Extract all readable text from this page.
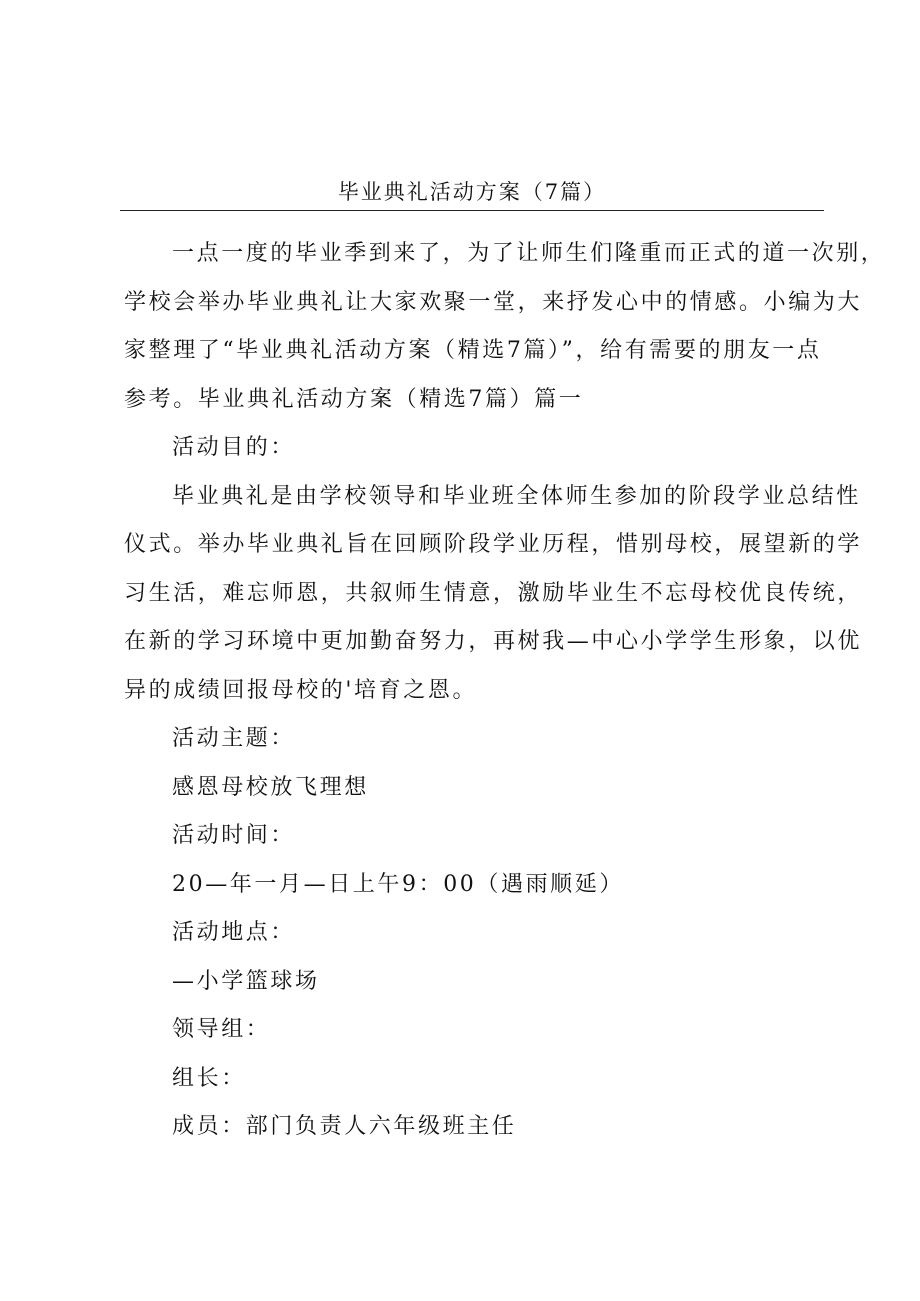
毕业典礼活动方案（7篇）

一点一度的毕业季到来了，为了让师生们隆重而正式的道一次别，

学校会举办毕业典礼让大家欢聚一堂，来抒发心中的情感。小编为大

家整理了“毕业典礼活动方案（精选7篇）”，给有需要的朋友一点

参考。毕业典礼活动方案（精选7篇）篇一

活动目的：

毕业典礼是由学校领导和毕业班全体师生参加的阶段学业总结性

仪式。举办毕业典礼旨在回顾阶段学业历程，惜别母校，展望新的学

习生活，难忘师恩，共叙师生情意，激励毕业生不忘母校优良传统，

在新的学习环境中更加勤奋努力，再树我—中心小学学生形象，以优

异的成绩回报母校的'培育之恩。

活动主题：

感恩母校放飞理想

活动时间：

20—年一月—日上午9：00（遇雨顺延）

活动地点：

—小学篮球场

领导组：

组长：

成员：部门负责人六年级班主任
